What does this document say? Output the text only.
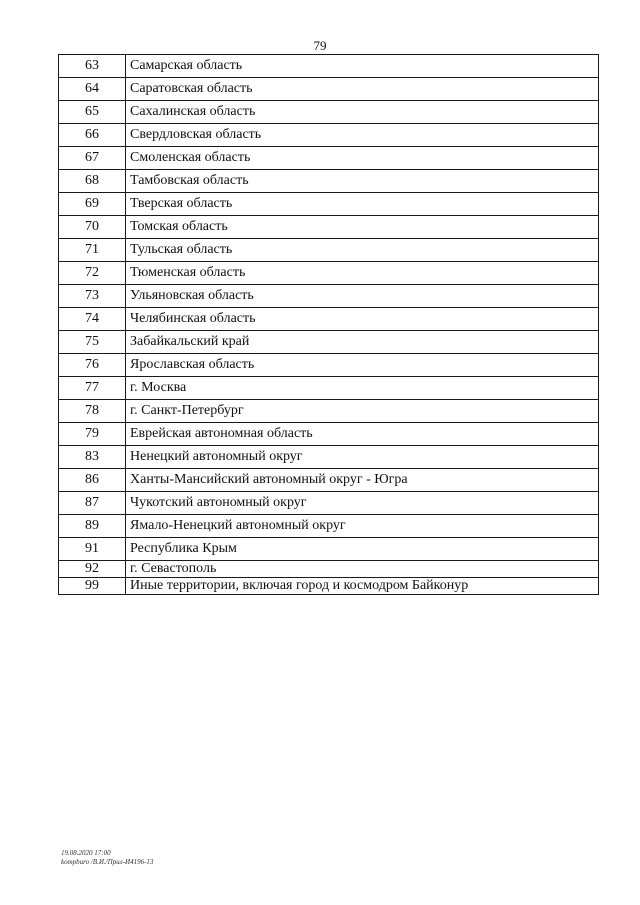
79
63	Самарская область
64	Саратовская область
65	Сахалинская область
66	Свердловская область
67	Смоленская область
68	Тамбовская область
69	Тверская область
70	Томская область
71	Тульская область
72	Тюменская область
73	Ульяновская область
74	Челябинская область
75	Забайкальский край
76	Ярославская область
77	г. Москва
78	г. Санкт-Петербург
79	Еврейская автономная область
83	Ненецкий автономный округ
86	Ханты-Мансийский автономный округ - Югра
87	Чукотский автономный округ
89	Ямало-Ненецкий автономный округ
91	Республика Крым
92	г. Севастополь
99	Иные территории, включая город и космодром Байконур
19.08.2020 17:00
kompburo /В.И./Прил-И4196-13
